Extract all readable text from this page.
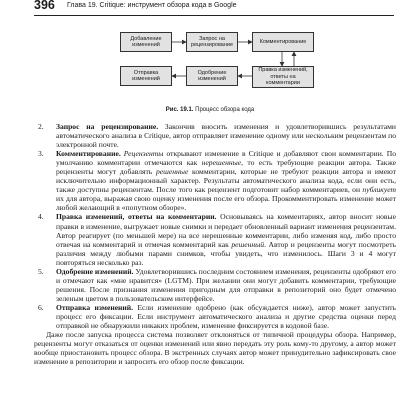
396 Глава 19. Critique: инструмент обзора кода в Google
Добавление
изменений
Запрос на
рецензирование
Комментирование
Отправка
изменений
Одобрение
изменений
Правка изменений,
ответы на
комментарии
Рис. 19.1. Процесс обзора кода

2. Запрос на рецензирование. Закончив вносить изменения и удовлетворившись результатами автоматического анализа в Critique, автор отправляет изменение одному или нескольким рецензентам по электронной почте.

3. Комментирование. Рецензенты открывают изменение в Critique и добавляют свои комментарии. По умолчанию комментарии отмечаются как нерешенные, то есть требующие реакции автора. Также рецензенты могут добавлять решенные комментарии, которые не требуют реакции автора и имеют исключительно информационный характер. Результаты автоматического анализа кода, если они есть, также доступны рецензентам. После того как рецензент подготовит набор комментариев, он публикует их для автора, выражая свою оценку изменения после его обзора. Прокомментировать изменение может любой желающий в «попутном обзоре».

4. Правка изменений, ответы на комментарии. Основываясь на комментариях, автор вносит новые правки в изменение, выгружает новые снимки и передает обновленный вариант изменения рецензентам. Автор реагирует (по меньшей мере) на все нерешенные комментарии, либо изменяя код, либо просто отвечая на комментарий и отмечая комментарий как решенный. Автор и рецензенты могут посмотреть различия между любыми парами снимков, чтобы увидеть, что изменилось. Шаги 3 и 4 могут повторяться несколько раз.

5. Одобрение изменений. Удовлетворившись последним состоянием изменения, рецензенты одобряют его и отмечают как «мне нравится» (LGTM). При желании они могут добавить комментарии, требующие решения. После признания изменения пригодным для отправки в репозиторий оно будет отмечено зеленым цветом в пользовательском интерфейсе.

6. Отправка изменений. Если изменение одобрено (как обсуждается ниже), автор может запустить процесс его фиксации. Если инструмент автоматического анализа и другие средства оценки перед отправкой не обнаружили никаких проблем, изменение фиксируется в кодовой базе.

Даже после запуска процесса система позволяет отклоняться от типичной процедуры обзора. Например, рецензенты могут отказаться от оценки изменений или явно передать эту роль кому-то другому, а автор может вообще приостановить процесс обзора. В экстренных случаях автор может принудительно зафиксировать свое изменение в репозитории и запросить его обзор после фиксации.
